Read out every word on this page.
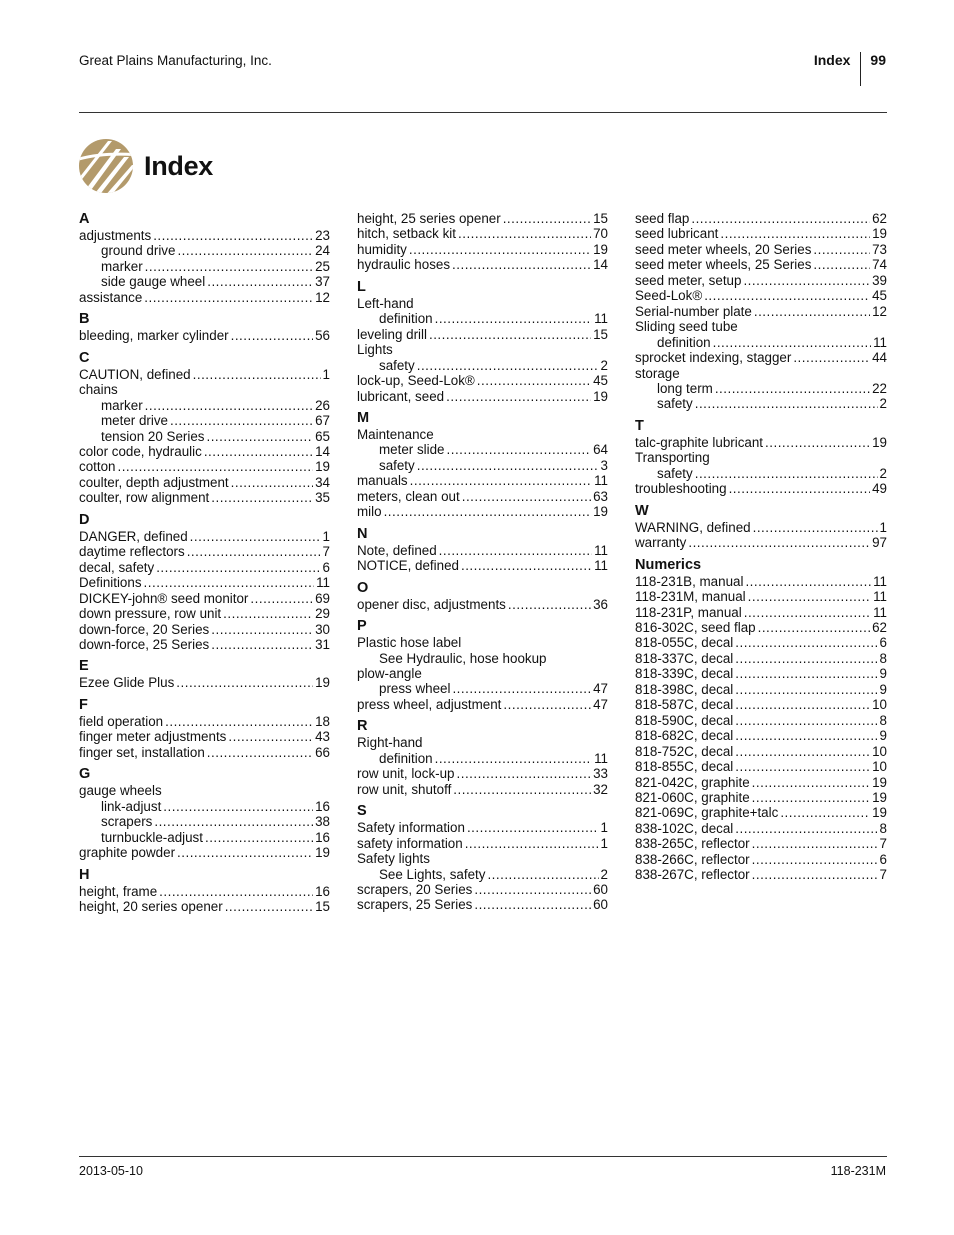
Great Plains Manufacturing, Inc.	Index	99
Index
A
adjustments .....	23
ground drive .....	24
marker .....	25
side gauge wheel .....	37
assistance .....	12
B
bleeding, marker cylinder .....	56
C
CAUTION, defined .....	1
chains
marker .....	26
meter drive .....	67
tension 20 Series .....	65
color code, hydraulic .....	14
cotton .....	19
coulter, depth adjustment .....	34
coulter, row alignment .....	35
D
DANGER, defined .....	1
daytime reflectors .....	7
decal, safety .....	6
Definitions .....	11
DICKEY-john® seed monitor .....	69
down pressure, row unit .....	29
down-force, 20 Series .....	30
down-force, 25 Series .....	31
E
Ezee Glide Plus .....	19
F
field operation .....	18
finger meter adjustments .....	43
finger set, installation .....	66
G
gauge wheels
link-adjust .....	16
scrapers .....	38
turnbuckle-adjust .....	16
graphite powder .....	19
H
height, frame .....	16
height, 20 series opener .....	15
height, 25 series opener .....	15
hitch, setback kit .....	70
humidity .....	19
hydraulic hoses .....	14
L
Left-hand
definition .....	11
leveling drill .....	15
Lights
safety .....	2
lock-up, Seed-Lok® .....	45
lubricant, seed .....	19
M
Maintenance
meter slide .....	64
safety .....	3
manuals .....	11
meters, clean out .....	63
milo .....	19
N
Note, defined .....	11
NOTICE, defined .....	11
O
opener disc, adjustments .....	36
P
Plastic hose label
See Hydraulic, hose hookup
plow-angle
press wheel .....	47
press wheel, adjustment .....	47
R
Right-hand
definition .....	11
row unit, lock-up .....	33
row unit, shutoff .....	32
S
Safety information .....	1
safety information .....	1
Safety lights
See Lights, safety .....	2
scrapers, 20 Series .....	60
scrapers, 25 Series .....	60
seed flap .....	62
seed lubricant .....	19
seed meter wheels, 20 Series .....	73
seed meter wheels, 25 Series .....	74
seed meter, setup .....	39
Seed-Lok® .....	45
Serial-number plate .....	12
Sliding seed tube
definition .....	11
sprocket indexing, stagger .....	44
storage
long term .....	22
safety .....	2
T
talc-graphite lubricant .....	19
Transporting
safety .....	2
troubleshooting .....	49
W
WARNING, defined .....	1
warranty .....	97
Numerics
118-231B, manual .....	11
118-231M, manual .....	11
118-231P, manual .....	11
816-302C, seed flap .....	62
818-055C, decal .....	6
818-337C, decal .....	8
818-339C, decal .....	9
818-398C, decal .....	9
818-587C, decal .....	10
818-590C, decal .....	8
818-682C, decal .....	9
818-752C, decal .....	10
818-855C, decal .....	10
821-042C, graphite .....	19
821-060C, graphite .....	19
821-069C, graphite+talc .....	19
838-102C, decal .....	8
838-265C, reflector .....	7
838-266C, reflector .....	6
838-267C, reflector .....	7
2013-05-10	118-231M
